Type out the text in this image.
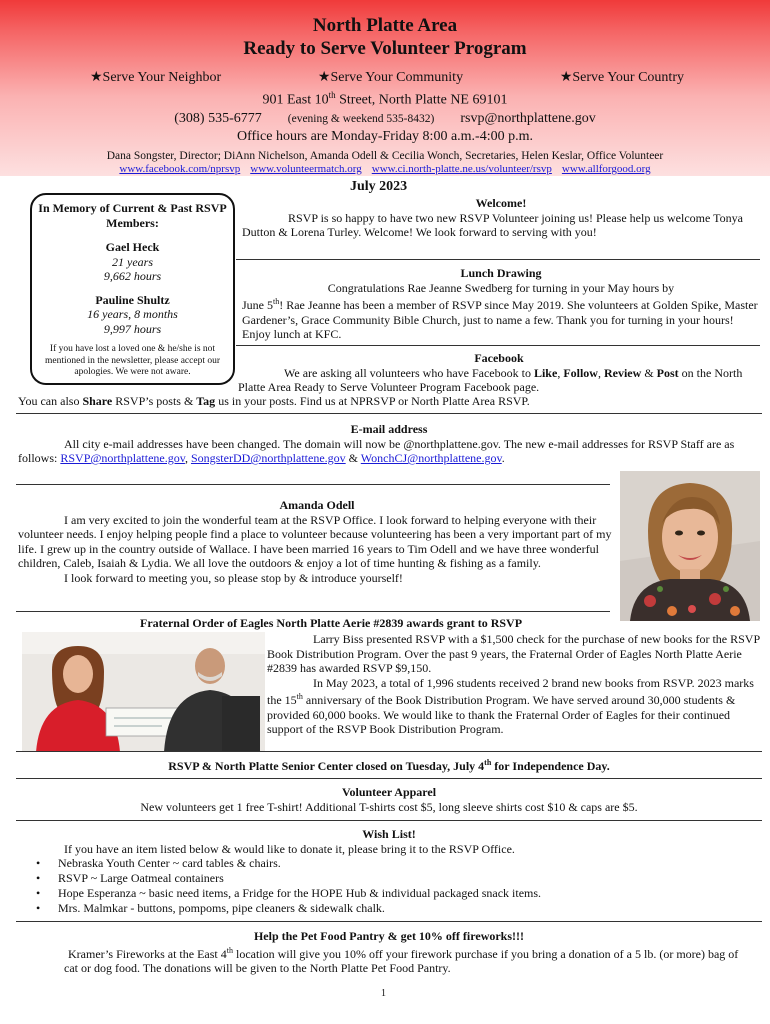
North Platte Area
Ready to Serve Volunteer Program
★Serve Your Neighbor	★Serve Your Community	★Serve Your Country
901 East 10th Street, North Platte NE 69101
(308) 535-6777 (evening & weekend 535-8432) rsvp@northplattene.gov
Office hours are Monday-Friday 8:00 a.m.-4:00 p.m.
Dana Songster, Director; DiAnn Nichelson, Amanda Odell & Cecilia Wonch, Secretaries, Helen Keslar, Office Volunteer
www.facebook.com/nprsvp www.volunteermatch.org www.ci.north-platte.ne.us/volunteer/rsvp www.allforgood.org
July 2023
In Memory of Current & Past RSVP Members:
Gael Heck
21 years
9,662 hours
Pauline Shultz
16 years, 8 months
9,997 hours
If you have lost a loved one & he/she is not mentioned in the newsletter, please accept our apologies. We were not aware.
Welcome!
RSVP is so happy to have two new RSVP Volunteer joining us! Please help us welcome Tonya Dutton & Lorena Turley. Welcome! We look forward to serving with you!
Lunch Drawing
Congratulations Rae Jeanne Swedberg for turning in your May hours by
June 5th! Rae Jeanne has been a member of RSVP since May 2019. She volunteers at Golden Spike, Master Gardener’s, Grace Community Bible Church, just to name a few. Thank you for turning in your hours! Enjoy lunch at KFC.
Facebook
We are asking all volunteers who have Facebook to Like, Follow, Review & Post on the North Platte Area Ready to Serve Volunteer Program Facebook page.
You can also Share RSVP’s posts & Tag us in your posts. Find us at NPRSVP or North Platte Area RSVP.
E-mail address
All city e-mail addresses have been changed. The domain will now be @northplattene.gov. The new e-mail addresses for RSVP Staff are as follows: RSVP@northplattene.gov, SongsterDD@northplattene.gov & WonchCJ@northplattene.gov.
Amanda Odell
I am very excited to join the wonderful team at the RSVP Office. I look forward to helping everyone with their volunteer needs. I enjoy helping people find a place to volunteer because volunteering has been a very important part of my life. I grew up in the country outside of Wallace. I have been married 16 years to Tim Odell and we have three wonderful children, Caleb, Isaiah & Lydia. We all love the outdoors & enjoy a lot of time hunting & fishing as a family.
I look forward to meeting you, so please stop by & introduce yourself!
Fraternal Order of Eagles North Platte Aerie #2839 awards grant to RSVP
Larry Biss presented RSVP with a $1,500 check for the purchase of new books for the RSVP Book Distribution Program. Over the past 9 years, the Fraternal Order of Eagles North Platte Aerie #2839 has awarded RSVP $9,150.
In May 2023, a total of 1,996 students received 2 brand new books from RSVP. 2023 marks the 15th anniversary of the Book Distribution Program. We have served around 30,000 students & provided 60,000 books. We would like to thank the Fraternal Order of Eagles for their continued support of the RSVP Book Distribution Program.
RSVP & North Platte Senior Center closed on Tuesday, July 4th for Independence Day.
Volunteer Apparel
New volunteers get 1 free T-shirt! Additional T-shirts cost $5, long sleeve shirts cost $10 & caps are $5.
Wish List!
If you have an item listed below & would like to donate it, please bring it to the RSVP Office.
• Nebraska Youth Center ~ card tables & chairs.
• RSVP ~ Large Oatmeal containers
• Hope Esperanza ~ basic need items, a Fridge for the HOPE Hub & individual packaged snack items.
• Mrs. Malmkar - buttons, pompoms, pipe cleaners & sidewalk chalk.
Help the Pet Food Pantry & get 10% off fireworks!!!
Kramer’s Fireworks at the East 4th location will give you 10% off your firework purchase if you bring a donation of a 5 lb. (or more) bag of cat or dog food. The donations will be given to the North Platte Pet Food Pantry.
1
